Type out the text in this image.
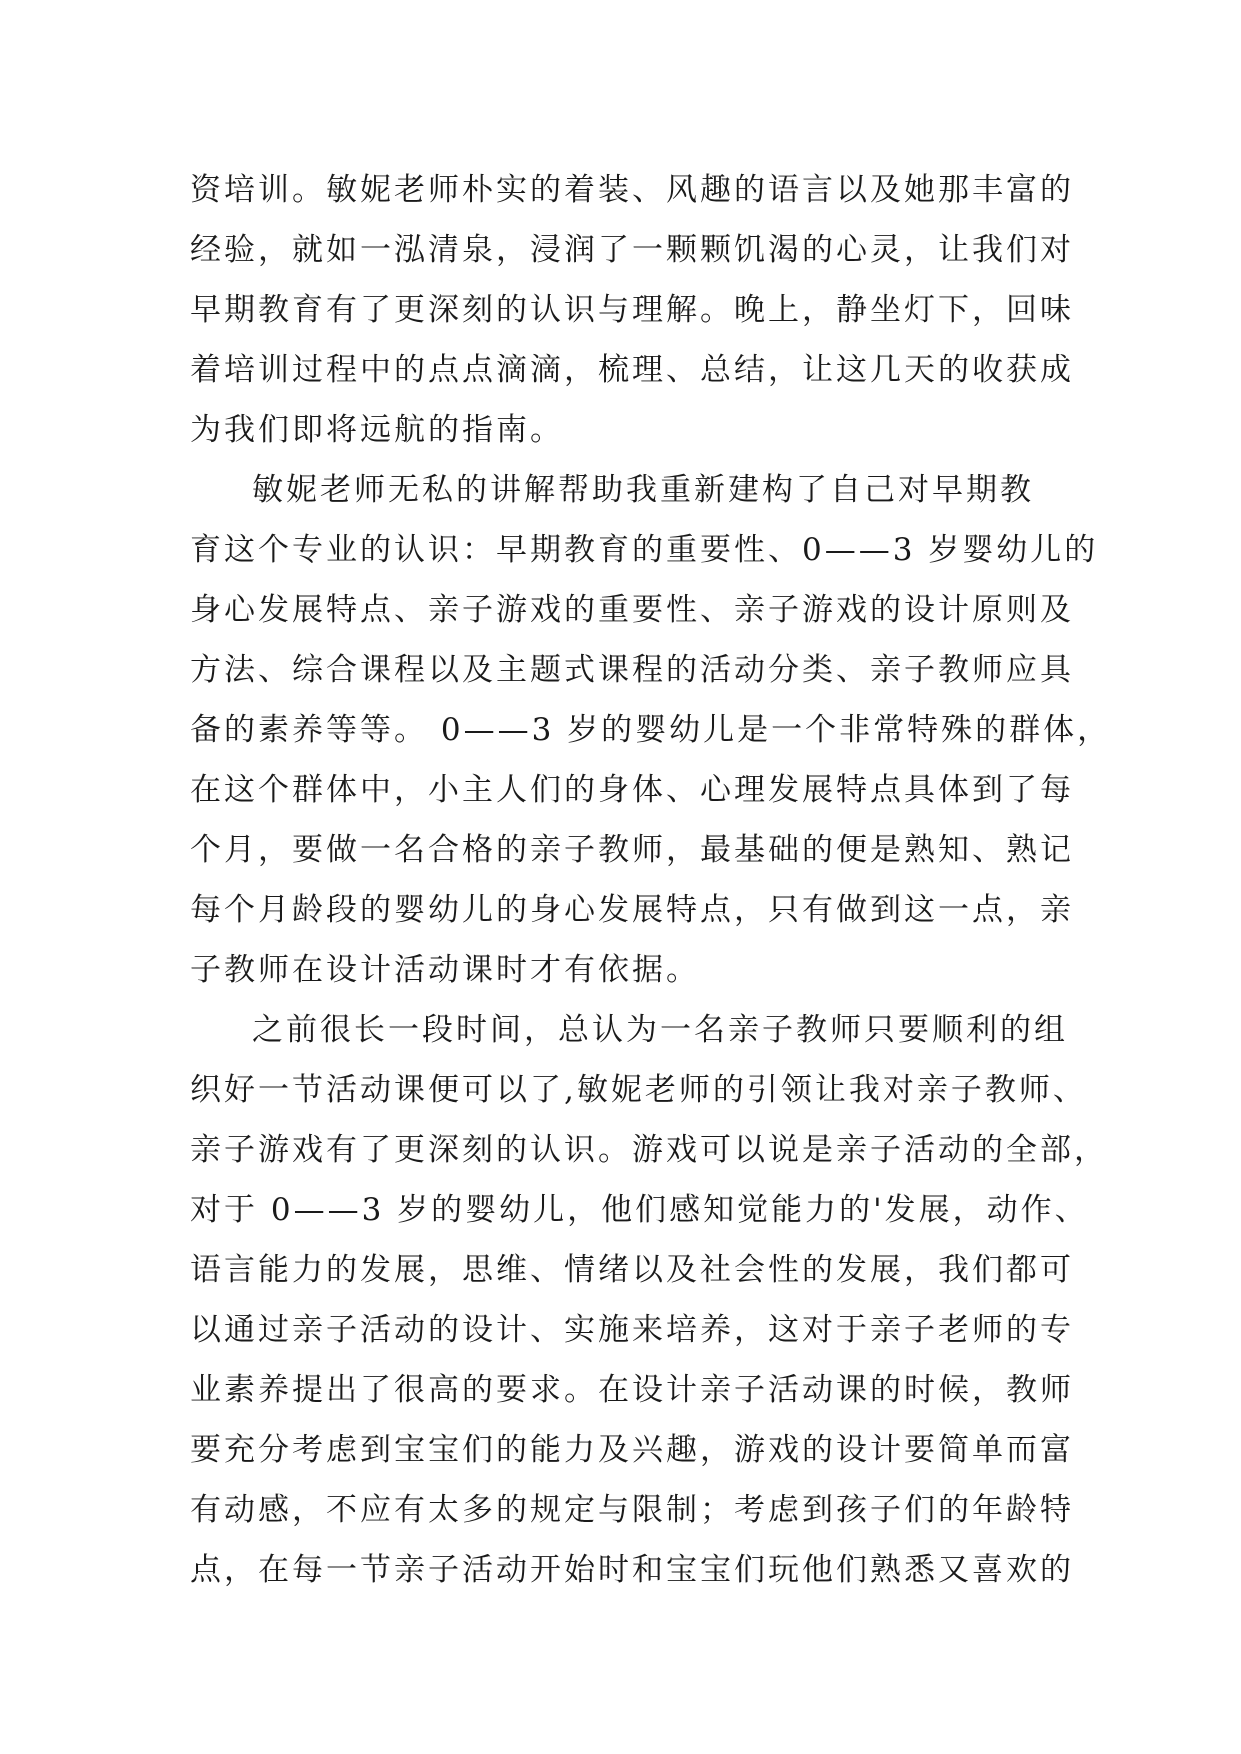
资培训。敏妮老师朴实的着装、风趣的语言以及她那丰富的
经验，就如一泓清泉，浸润了一颗颗饥渴的心灵，让我们对
早期教育有了更深刻的认识与理解。晚上，静坐灯下，回味
着培训过程中的点点滴滴，梳理、总结，让这几天的收获成
为我们即将远航的指南。
敏妮老师无私的讲解帮助我重新建构了自己对早期教
育这个专业的认识：早期教育的重要性、0——3 岁婴幼儿的
身心发展特点、亲子游戏的重要性、亲子游戏的设计原则及
方法、综合课程以及主题式课程的活动分类、亲子教师应具
备的素养等等。 0——3 岁的婴幼儿是一个非常特殊的群体，
在这个群体中，小主人们的身体、心理发展特点具体到了每
个月，要做一名合格的亲子教师，最基础的便是熟知、熟记
每个月龄段的婴幼儿的身心发展特点，只有做到这一点，亲
子教师在设计活动课时才有依据。
之前很长一段时间，总认为一名亲子教师只要顺利的组
织好一节活动课便可以了,敏妮老师的引领让我对亲子教师、
亲子游戏有了更深刻的认识。游戏可以说是亲子活动的全部，
对于 0——3 岁的婴幼儿，他们感知觉能力的'发展，动作、
语言能力的发展，思维、情绪以及社会性的发展，我们都可
以通过亲子活动的设计、实施来培养，这对于亲子老师的专
业素养提出了很高的要求。在设计亲子活动课的时候，教师
要充分考虑到宝宝们的能力及兴趣，游戏的设计要简单而富
有动感，不应有太多的规定与限制；考虑到孩子们的年龄特
点，在每一节亲子活动开始时和宝宝们玩他们熟悉又喜欢的
